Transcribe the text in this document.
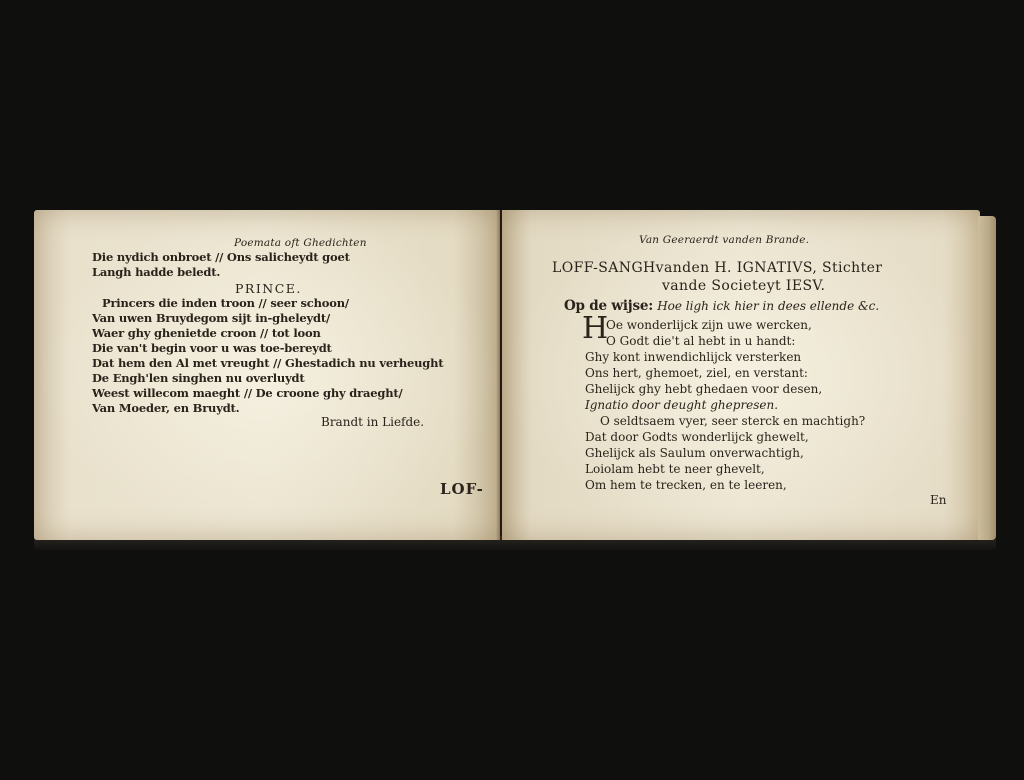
Poemata oft Ghedichten
Die nydich onbroet // Ons salicheydt goet
Langh hadde beledt.
PRINCE.
Princers die inden troon // seer schoon/
Van uwen Bruydegom sijt in-gheleydt/
Waer ghy ghenietde croon // tot loon
Die van't begin voor u was toe-bereydt
Dat hem den Al met vreught // Ghestadich nu verheught
De Engh'len singhen nu overluydt
Weest willecom maeght // De croone ghy draeght/
Van Moeder, en Bruydt.
Brandt in Liefde.
LOF-
Van Geeraerdt vanden Brande.
LOFF-SANGHvanden H. IGNATIVS, Stichter
vande Societeyt IESV.
Op de wijse: Hoe ligh ick hier in dees ellende &c.
H
Oe wonderlijck zijn uwe wercken,
O Godt die't al hebt in u handt:
Ghy kont inwendichlijck versterken
Ons hert, ghemoet, ziel, en verstant:
Ghelijck ghy hebt ghedaen voor desen,
Ignatio door deught ghepresen.
O seldtsaem vyer, seer sterck en machtigh?
Dat door Godts wonderlijck ghewelt,
Ghelijck als Saulum onverwachtigh,
Loiolam hebt te neer ghevelt,
Om hem te trecken, en te leeren,
En
